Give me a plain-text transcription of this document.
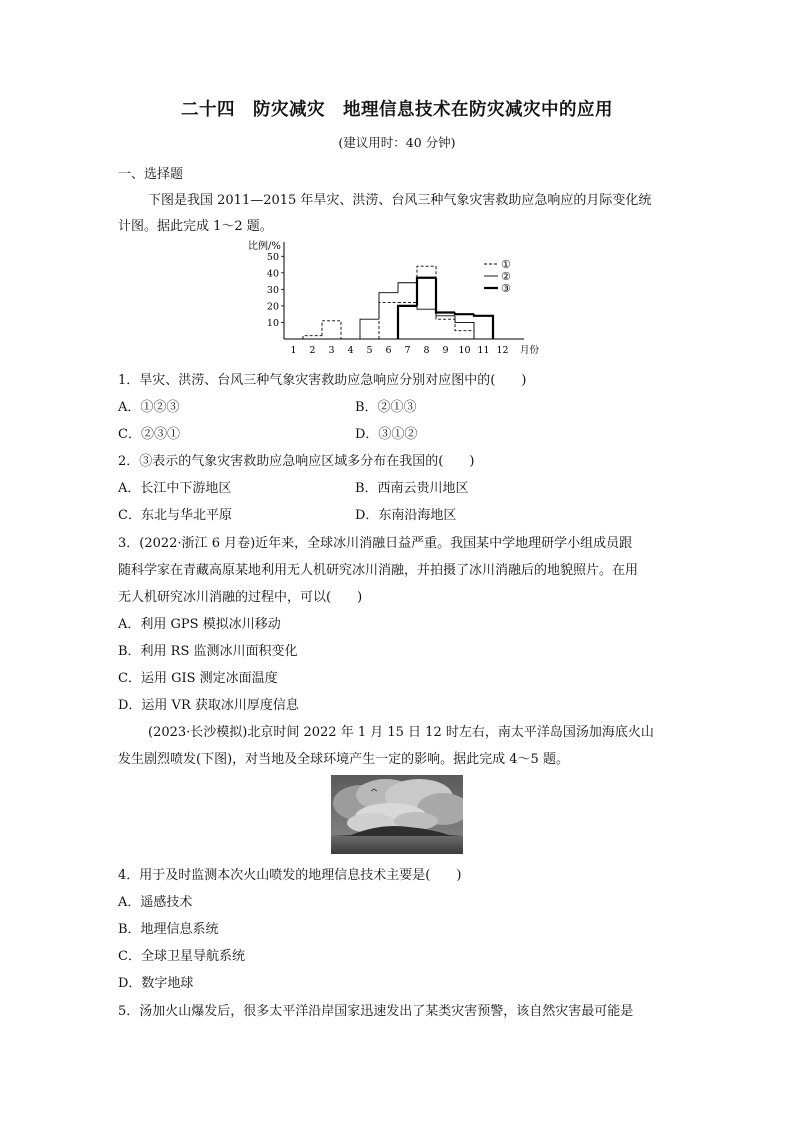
二十四　防灾减灾　地理信息技术在防灾减灾中的应用
(建议用时：40 分钟)
一、选择题
下图是我国 2011—2015 年旱灾、洪涝、台风三种气象灾害救助应急响应的月际变化统
计图。据此完成 1～2 题。
比例/%
50
40
30
20
10
1 2 3 4 5 6 7 8 9 10 11 12 月份
①
②
③
1．旱灾、洪涝、台风三种气象灾害救助应急响应分别对应图中的(　　)
A．①②③	B．②①③
C．②③①	D．③①②
2．③表示的气象灾害救助应急响应区域多分布在我国的(　　)
A．长江中下游地区	B．西南云贵川地区
C．东北与华北平原	D．东南沿海地区
3．(2022·浙江 6 月卷)近年来，全球冰川消融日益严重。我国某中学地理研学小组成员跟
随科学家在青藏高原某地利用无人机研究冰川消融，并拍摄了冰川消融后的地貌照片。在用
无人机研究冰川消融的过程中，可以(　　)
A．利用 GPS 模拟冰川移动
B．利用 RS 监测冰川面积变化
C．运用 GIS 测定冰面温度
D．运用 VR 获取冰川厚度信息
(2023·长沙模拟)北京时间 2022 年 1 月 15 日 12 时左右，南太平洋岛国汤加海底火山
发生剧烈喷发(下图)，对当地及全球环境产生一定的影响。据此完成 4～5 题。
4．用于及时监测本次火山喷发的地理信息技术主要是(　　)
A．遥感技术
B．地理信息系统
C．全球卫星导航系统
D．数字地球
5．汤加火山爆发后，很多太平洋沿岸国家迅速发出了某类灾害预警，该自然灾害最可能是
